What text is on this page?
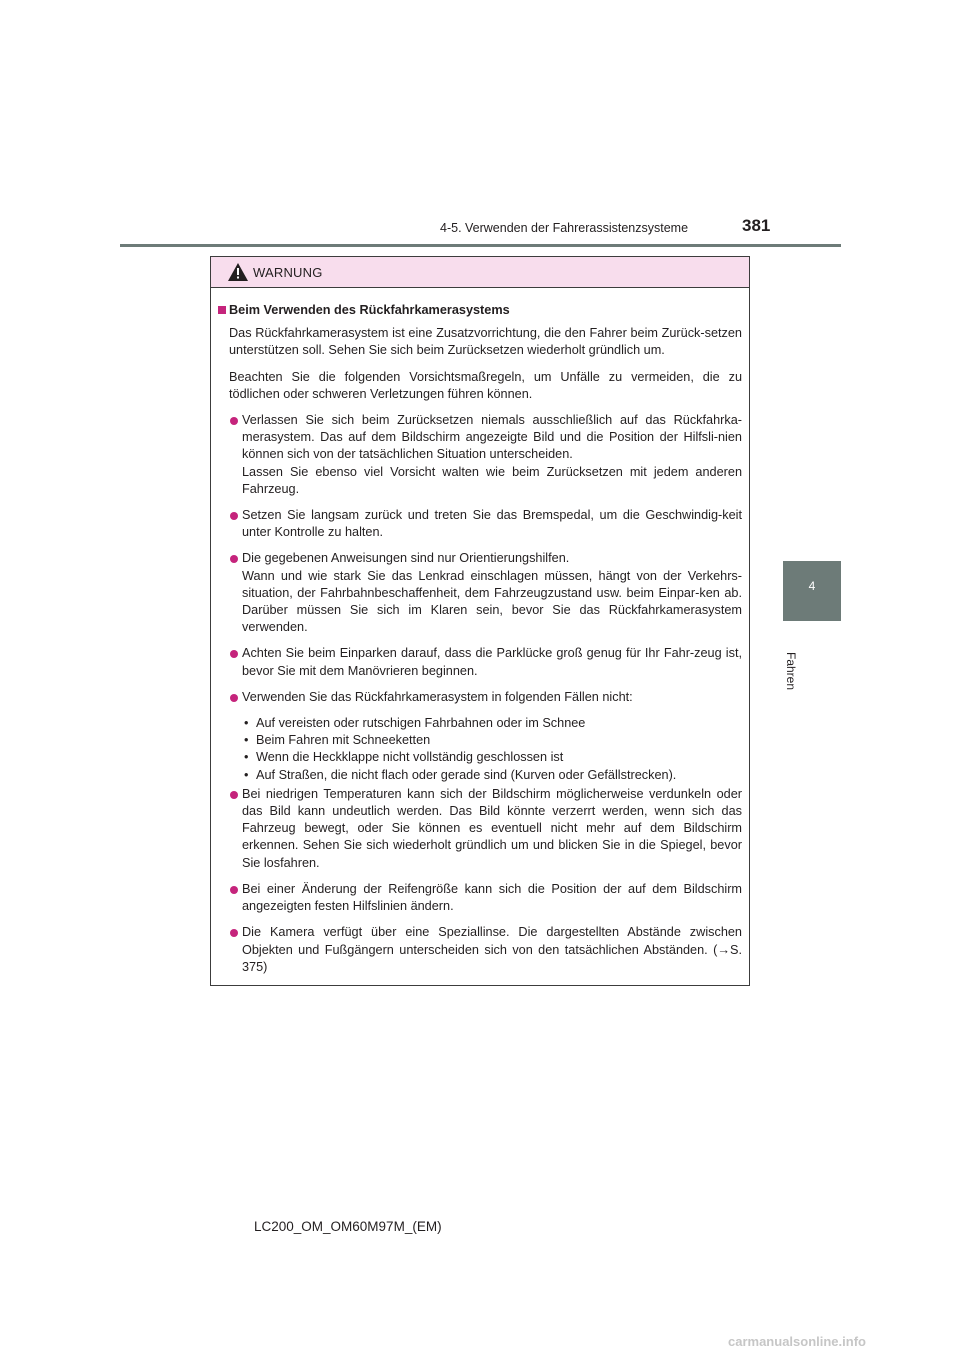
4-5. Verwenden der Fahrerassistenzsysteme	381
4
Fahren
WARNUNG
Beim Verwenden des Rückfahrkamerasystems
Das Rückfahrkamerasystem ist eine Zusatzvorrichtung, die den Fahrer beim Zurück-setzen unterstützen soll. Sehen Sie sich beim Zurücksetzen wiederholt gründlich um.
Beachten Sie die folgenden Vorsichtsmaßregeln, um Unfälle zu vermeiden, die zu tödlichen oder schweren Verletzungen führen können.
Verlassen Sie sich beim Zurücksetzen niemals ausschließlich auf das Rückfahrka-merasystem. Das auf dem Bildschirm angezeigte Bild und die Position der Hilfsli-nien können sich von der tatsächlichen Situation unterscheiden.
Lassen Sie ebenso viel Vorsicht walten wie beim Zurücksetzen mit jedem anderen Fahrzeug.
Setzen Sie langsam zurück und treten Sie das Bremspedal, um die Geschwindig-keit unter Kontrolle zu halten.
Die gegebenen Anweisungen sind nur Orientierungshilfen.
Wann und wie stark Sie das Lenkrad einschlagen müssen, hängt von der Verkehrs-situation, der Fahrbahnbeschaffenheit, dem Fahrzeugzustand usw. beim Einpar-ken ab. Darüber müssen Sie sich im Klaren sein, bevor Sie das Rückfahrkamerasystem verwenden.
Achten Sie beim Einparken darauf, dass die Parklücke groß genug für Ihr Fahr-zeug ist, bevor Sie mit dem Manövrieren beginnen.
Verwenden Sie das Rückfahrkamerasystem in folgenden Fällen nicht:
• Auf vereisten oder rutschigen Fahrbahnen oder im Schnee
• Beim Fahren mit Schneeketten
• Wenn die Heckklappe nicht vollständig geschlossen ist
• Auf Straßen, die nicht flach oder gerade sind (Kurven oder Gefällstrecken).
Bei niedrigen Temperaturen kann sich der Bildschirm möglicherweise verdunkeln oder das Bild kann undeutlich werden. Das Bild könnte verzerrt werden, wenn sich das Fahrzeug bewegt, oder Sie können es eventuell nicht mehr auf dem Bildschirm erkennen. Sehen Sie sich wiederholt gründlich um und blicken Sie in die Spiegel, bevor Sie losfahren.
Bei einer Änderung der Reifengröße kann sich die Position der auf dem Bildschirm angezeigten festen Hilfslinien ändern.
Die Kamera verfügt über eine Speziallinse. Die dargestellten Abstände zwischen Objekten und Fußgängern unterscheiden sich von den tatsächlichen Abständen. (→S. 375)
LC200_OM_OM60M97M_(EM)
carmanualsonline.info
